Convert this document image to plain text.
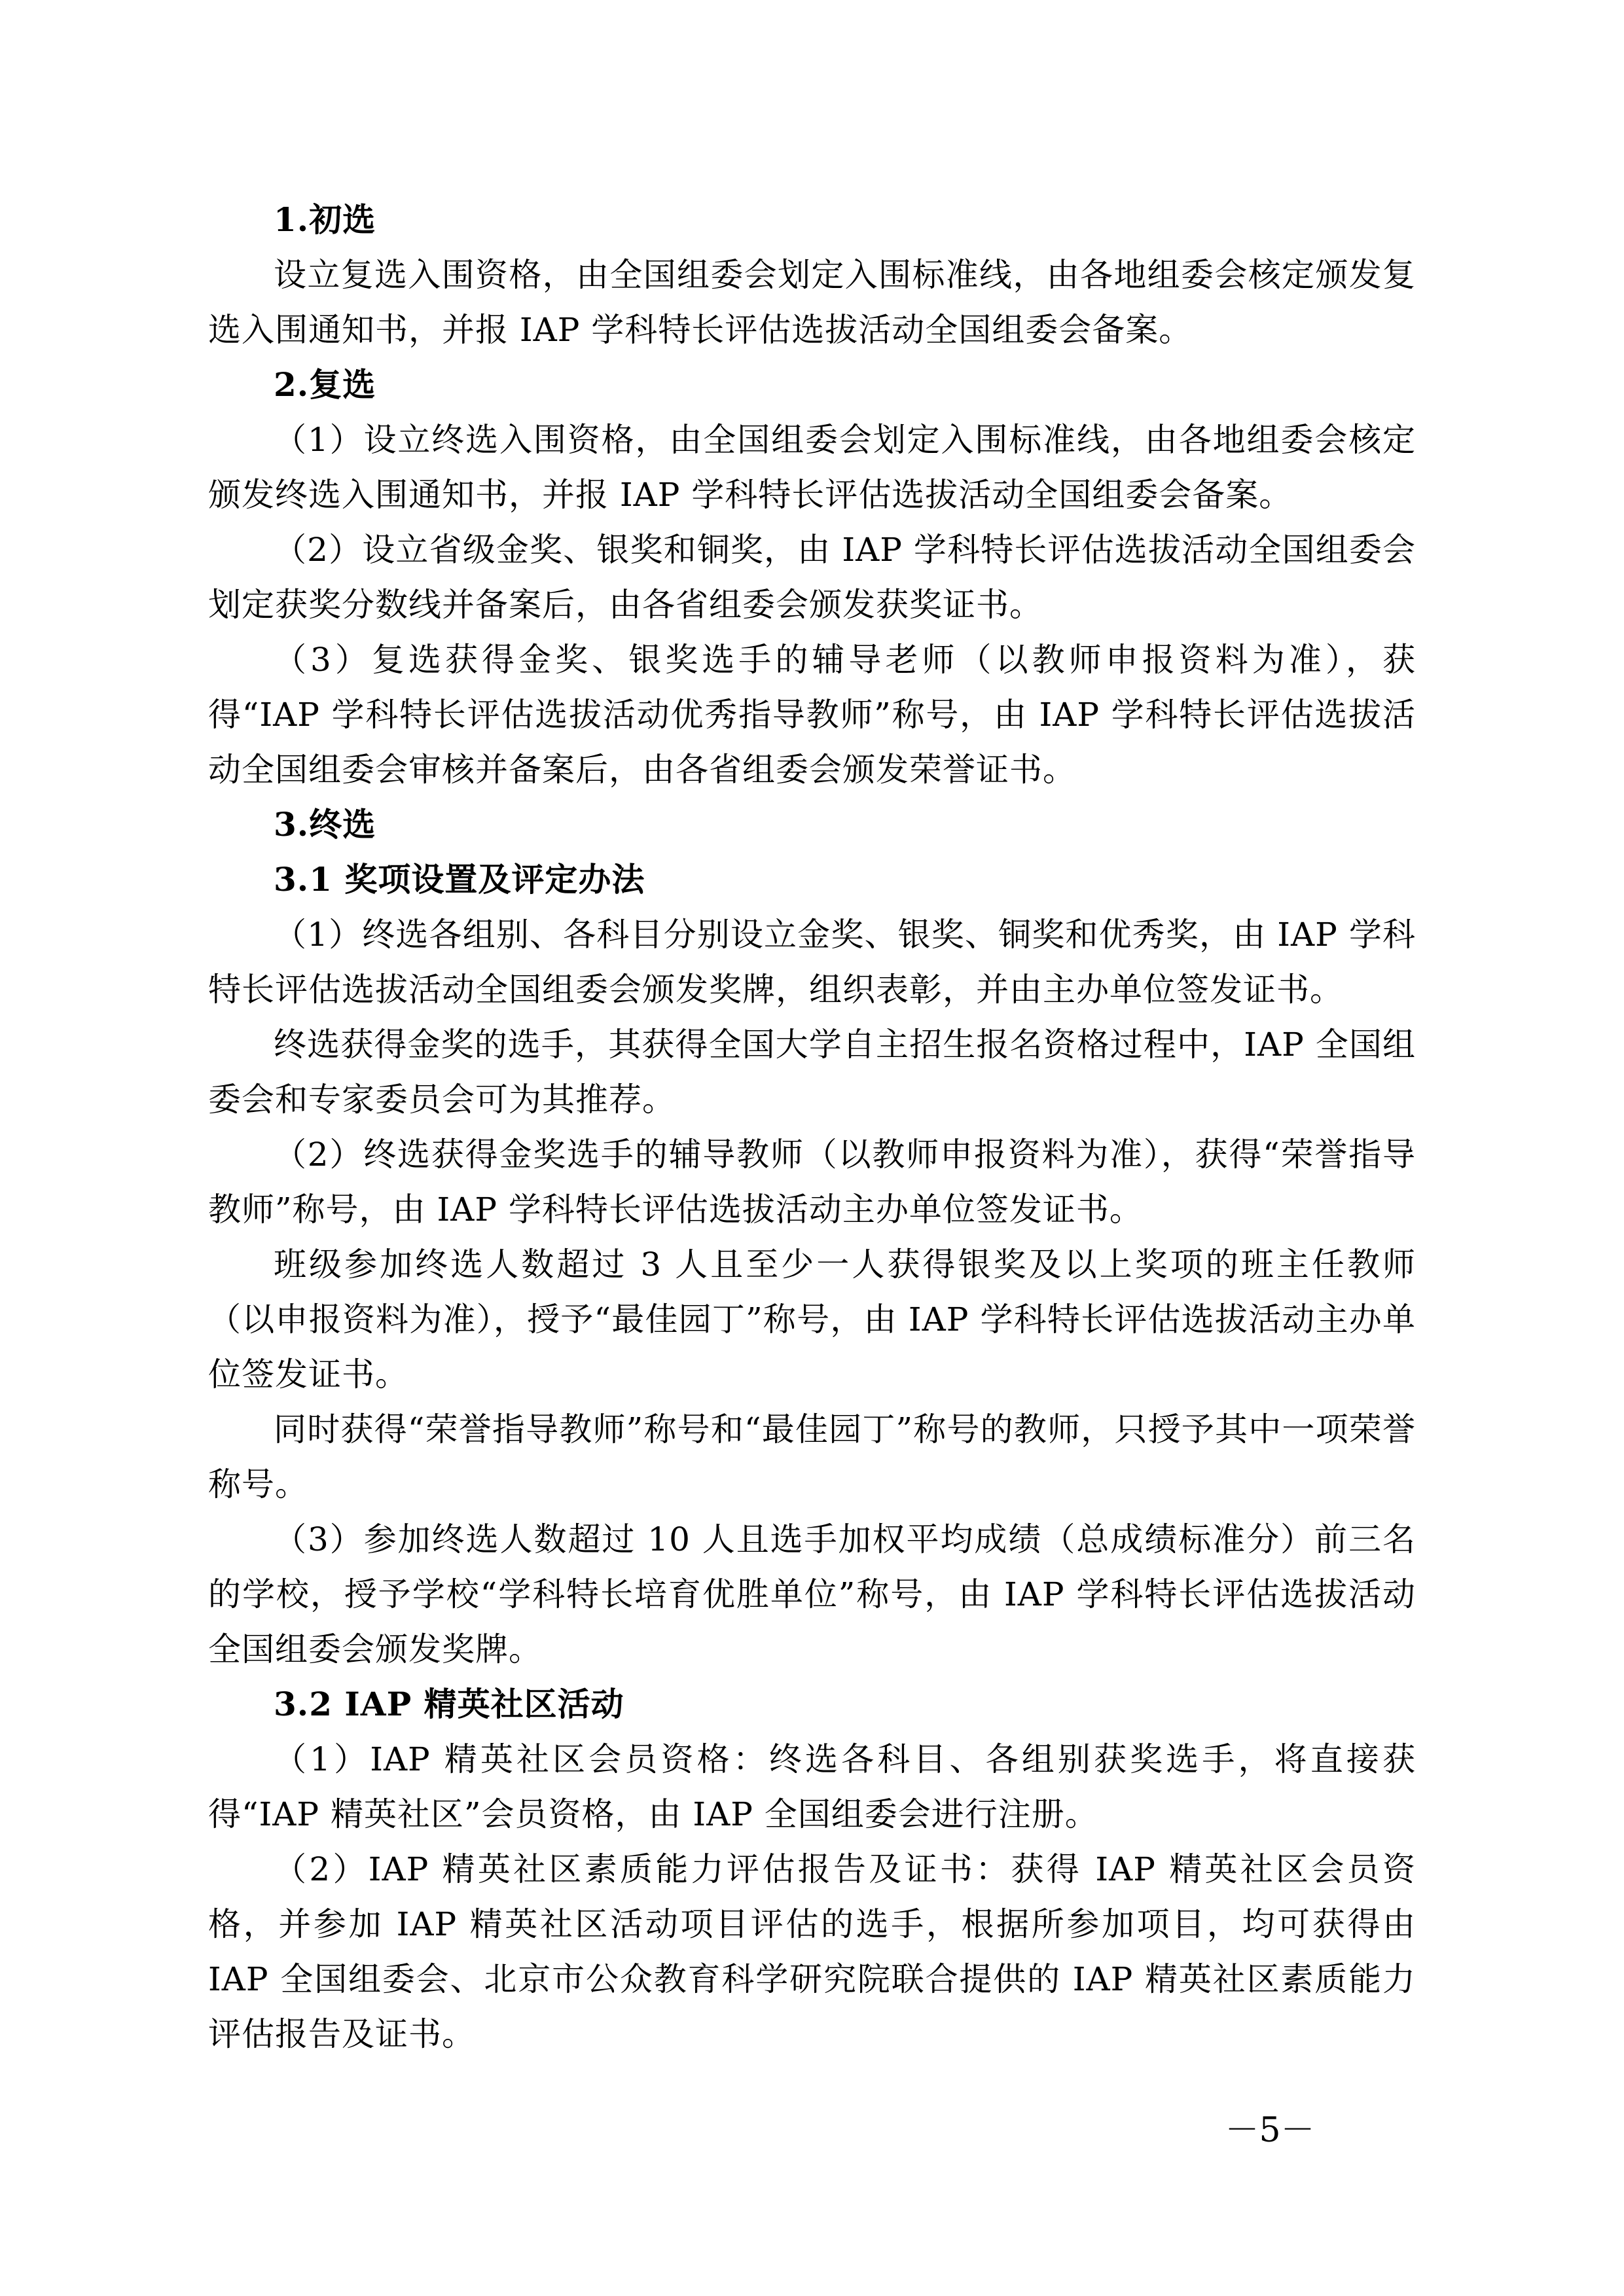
1.初选

设立复选入围资格，由全国组委会划定入围标准线，由各地组委会核定颁发复选入围通知书，并报 IAP 学科特长评估选拔活动全国组委会备案。

2.复选

（1）设立终选入围资格，由全国组委会划定入围标准线，由各地组委会核定颁发终选入围通知书，并报 IAP 学科特长评估选拔活动全国组委会备案。

（2）设立省级金奖、银奖和铜奖，由 IAP 学科特长评估选拔活动全国组委会划定获奖分数线并备案后，由各省组委会颁发获奖证书。

（3）复选获得金奖、银奖选手的辅导老师（以教师申报资料为准），获得“IAP 学科特长评估选拔活动优秀指导教师”称号，由 IAP 学科特长评估选拔活动全国组委会审核并备案后，由各省组委会颁发荣誉证书。

3.终选

3.1 奖项设置及评定办法

（1）终选各组别、各科目分别设立金奖、银奖、铜奖和优秀奖，由 IAP 学科特长评估选拔活动全国组委会颁发奖牌，组织表彰，并由主办单位签发证书。

终选获得金奖的选手，其获得全国大学自主招生报名资格过程中，IAP 全国组委会和专家委员会可为其推荐。

（2）终选获得金奖选手的辅导教师（以教师申报资料为准），获得“荣誉指导教师”称号，由 IAP 学科特长评估选拔活动主办单位签发证书。

班级参加终选人数超过 3 人且至少一人获得银奖及以上奖项的班主任教师（以申报资料为准），授予“最佳园丁”称号，由 IAP 学科特长评估选拔活动主办单位签发证书。

同时获得“荣誉指导教师”称号和“最佳园丁”称号的教师，只授予其中一项荣誉称号。

（3）参加终选人数超过 10 人且选手加权平均成绩（总成绩标准分）前三名的学校，授予学校“学科特长培育优胜单位”称号，由 IAP 学科特长评估选拔活动全国组委会颁发奖牌。

3.2 IAP 精英社区活动

（1）IAP 精英社区会员资格：终选各科目、各组别获奖选手，将直接获得“IAP 精英社区”会员资格，由 IAP 全国组委会进行注册。

（2）IAP 精英社区素质能力评估报告及证书：获得 IAP 精英社区会员资格，并参加 IAP 精英社区活动项目评估的选手，根据所参加项目，均可获得由 IAP 全国组委会、北京市公众教育科学研究院联合提供的 IAP 精英社区素质能力评估报告及证书。

－5－
